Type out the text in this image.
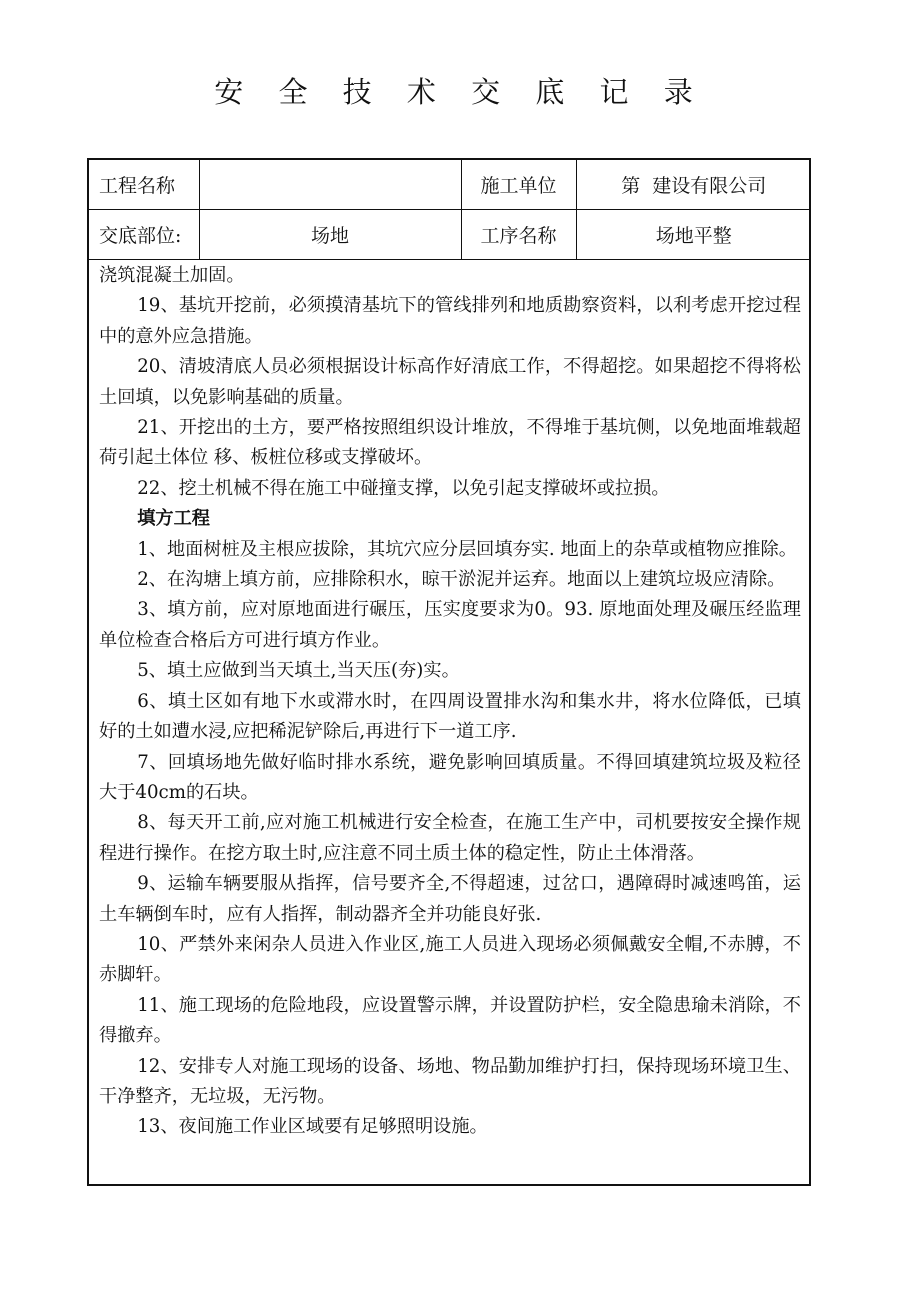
安 全 技 术 交 底 记 录
工程名称		施工单位	第  建设有限公司
交底部位:	场地	工序名称	场地平整

浇筑混凝土加固。

19、基坑开挖前，必须摸清基坑下的管线排列和地质勘察资料，以利考虑开挖过程中的意外应急措施。

20、清坡清底人员必须根据设计标高作好清底工作，不得超挖。如果超挖不得将松土回填，以免影响基础的质量。

21、开挖出的土方，要严格按照组织设计堆放，不得堆于基坑侧，以免地面堆载超荷引起土体位 移、板桩位移或支撑破坏。

22、挖土机械不得在施工中碰撞支撑，以免引起支撑破坏或拉损。

填方工程

1、地面树桩及主根应拔除，其坑穴应分层回填夯实. 地面上的杂草或植物应推除。

2、在沟塘上填方前，应排除积水，晾干淤泥并运弃。地面以上建筑垃圾应清除。

3、填方前，应对原地面进行碾压，压实度要求为0。93. 原地面处理及碾压经监理单位检查合格后方可进行填方作业。

5、填土应做到当天填土,当天压(夯)实。

6、填土区如有地下水或滞水时，在四周设置排水沟和集水井，将水位降低，已填好的土如遭水浸,应把稀泥铲除后,再进行下一道工序.

7、回填场地先做好临时排水系统，避免影响回填质量。不得回填建筑垃圾及粒径大于40cm的石块。

8、每天开工前,应对施工机械进行安全检查，在施工生产中，司机要按安全操作规程进行操作。在挖方取土时,应注意不同土质土体的稳定性，防止土体滑落。

9、运输车辆要服从指挥，信号要齐全,不得超速，过岔口，遇障碍时减速鸣笛，运土车辆倒车时，应有人指挥，制动器齐全并功能良好张.

10、严禁外来闲杂人员进入作业区,施工人员进入现场必须佩戴安全帽,不赤膊，不赤脚轩。

11、施工现场的危险地段，应设置警示牌，并设置防护栏，安全隐患瑜未消除，不得撤弃。

12、安排专人对施工现场的设备、场地、物品勤加维护打扫，保持现场环境卫生、干净整齐，无垃圾，无污物。

13、夜间施工作业区域要有足够照明设施。
